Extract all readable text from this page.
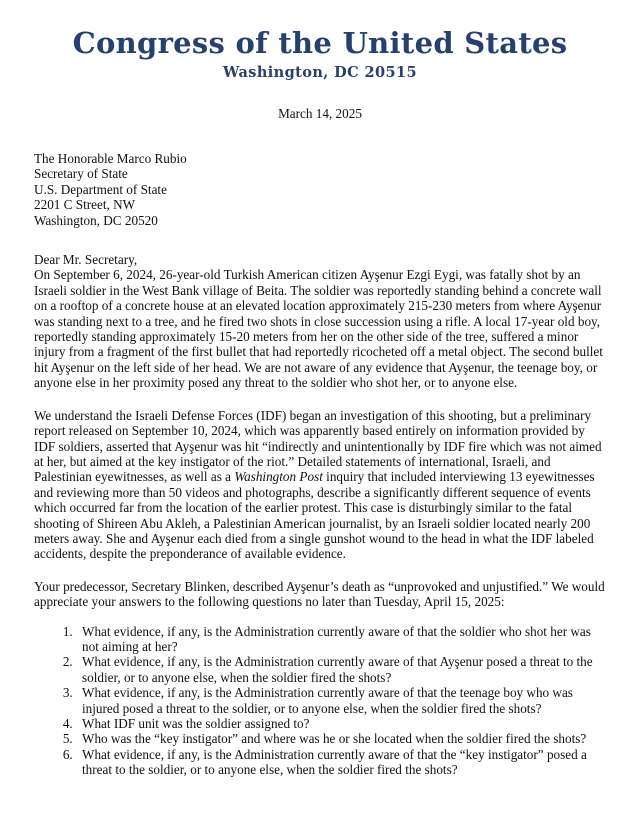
Congress of the United States
Washington, DC 20515
March 14, 2025
The Honorable Marco Rubio
Secretary of State
U.S. Department of State
2201 C Street, NW
Washington, DC 20520
Dear Mr. Secretary,

On September 6, 2024, 26-year-old Turkish American citizen Ayşenur Ezgi Eygi, was fatally shot by an Israeli soldier in the West Bank village of Beita. The soldier was reportedly standing behind a concrete wall on a rooftop of a concrete house at an elevated location approximately 215-230 meters from where Ayşenur was standing next to a tree, and he fired two shots in close succession using a rifle. A local 17-year old boy, reportedly standing approximately 15-20 meters from her on the other side of the tree, suffered a minor injury from a fragment of the first bullet that had reportedly ricocheted off a metal object. The second bullet hit Ayşenur on the left side of her head. We are not aware of any evidence that Ayşenur, the teenage boy, or anyone else in her proximity posed any threat to the soldier who shot her, or to anyone else.

We understand the Israeli Defense Forces (IDF) began an investigation of this shooting, but a preliminary report released on September 10, 2024, which was apparently based entirely on information provided by IDF soldiers, asserted that Ayşenur was hit “indirectly and unintentionally by IDF fire which was not aimed at her, but aimed at the key instigator of the riot.” Detailed statements of international, Israeli, and Palestinian eyewitnesses, as well as a Washington Post inquiry that included interviewing 13 eyewitnesses and reviewing more than 50 videos and photographs, describe a significantly different sequence of events which occurred far from the location of the earlier protest. This case is disturbingly similar to the fatal shooting of Shireen Abu Akleh, a Palestinian American journalist, by an Israeli soldier located nearly 200 meters away. She and Ayşenur each died from a single gunshot wound to the head in what the IDF labeled accidents, despite the preponderance of available evidence.

Your predecessor, Secretary Blinken, described Ayşenur’s death as “unprovoked and unjustified.” We would appreciate your answers to the following questions no later than Tuesday, April 15, 2025:

1. What evidence, if any, is the Administration currently aware of that the soldier who shot her was not aiming at her?
2. What evidence, if any, is the Administration currently aware of that Ayşenur posed a threat to the soldier, or to anyone else, when the soldier fired the shots?
3. What evidence, if any, is the Administration currently aware of that the teenage boy who was injured posed a threat to the soldier, or to anyone else, when the soldier fired the shots?
4. What IDF unit was the soldier assigned to?
5. Who was the “key instigator” and where was he or she located when the soldier fired the shots?
6. What evidence, if any, is the Administration currently aware of that the “key instigator” posed a threat to the soldier, or to anyone else, when the soldier fired the shots?
